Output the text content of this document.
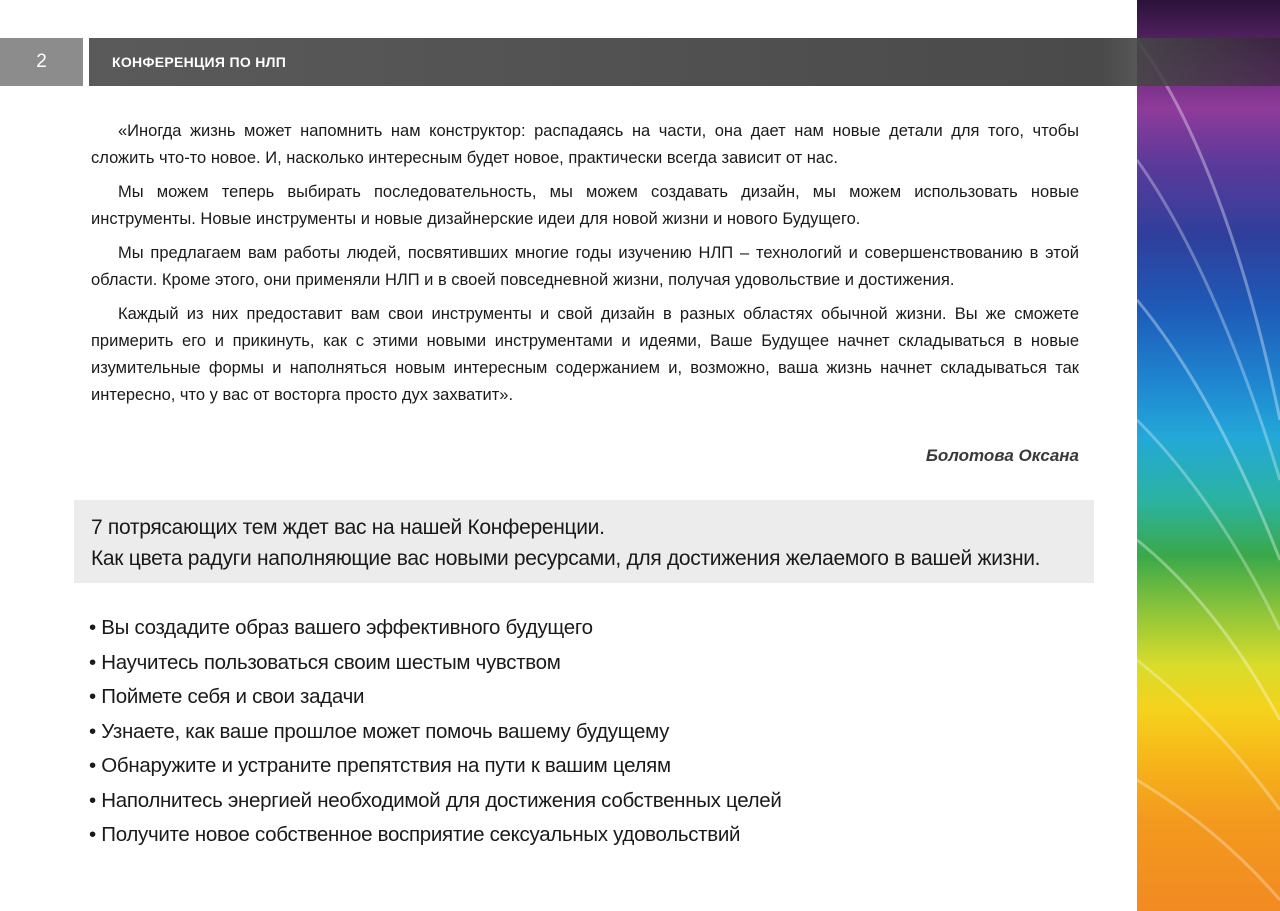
2	КОНФЕРЕНЦИЯ ПО НЛП

«Иногда жизнь может напомнить нам конструктор: распадаясь на части, она дает нам новые детали для того, чтобы сложить что-то новое. И, насколько интересным будет новое, практически всегда зависит от нас.

Мы можем теперь выбирать последовательность, мы можем создавать дизайн, мы можем использовать новые инструменты. Новые инструменты и новые дизайнерские идеи для новой жизни и нового Будущего.

Мы предлагаем вам работы людей, посвятивших многие годы изучению НЛП – технологий и совершенствованию в этой области. Кроме этого, они применяли НЛП и в своей повседневной жизни, получая удовольствие и достижения.

Каждый из них предоставит вам свои инструменты и свой дизайн в разных областях обычной жизни. Вы же сможете примерить его и прикинуть, как с этими новыми инструментами и идеями, Ваше Будущее начнет складываться в новые изумительные формы и наполняться новым интересным содержанием и, возможно, ваша жизнь начнет складываться так интересно, что у вас от восторга просто дух захватит».

Болотова Оксана
7 потрясающих тем ждет вас на нашей Конференции.
Как цвета радуги наполняющие вас новыми ресурсами, для достижения желаемого в вашей жизни.
• Вы создадите образ вашего эффективного будущего
• Научитесь пользоваться своим шестым чувством
• Поймете себя и свои задачи
• Узнаете, как ваше прошлое может помочь вашему будущему
• Обнаружите и устраните препятствия на пути к вашим целям
• Наполнитесь энергией необходимой для достижения собственных целей
• Получите новое собственное восприятие сексуальных удовольствий
